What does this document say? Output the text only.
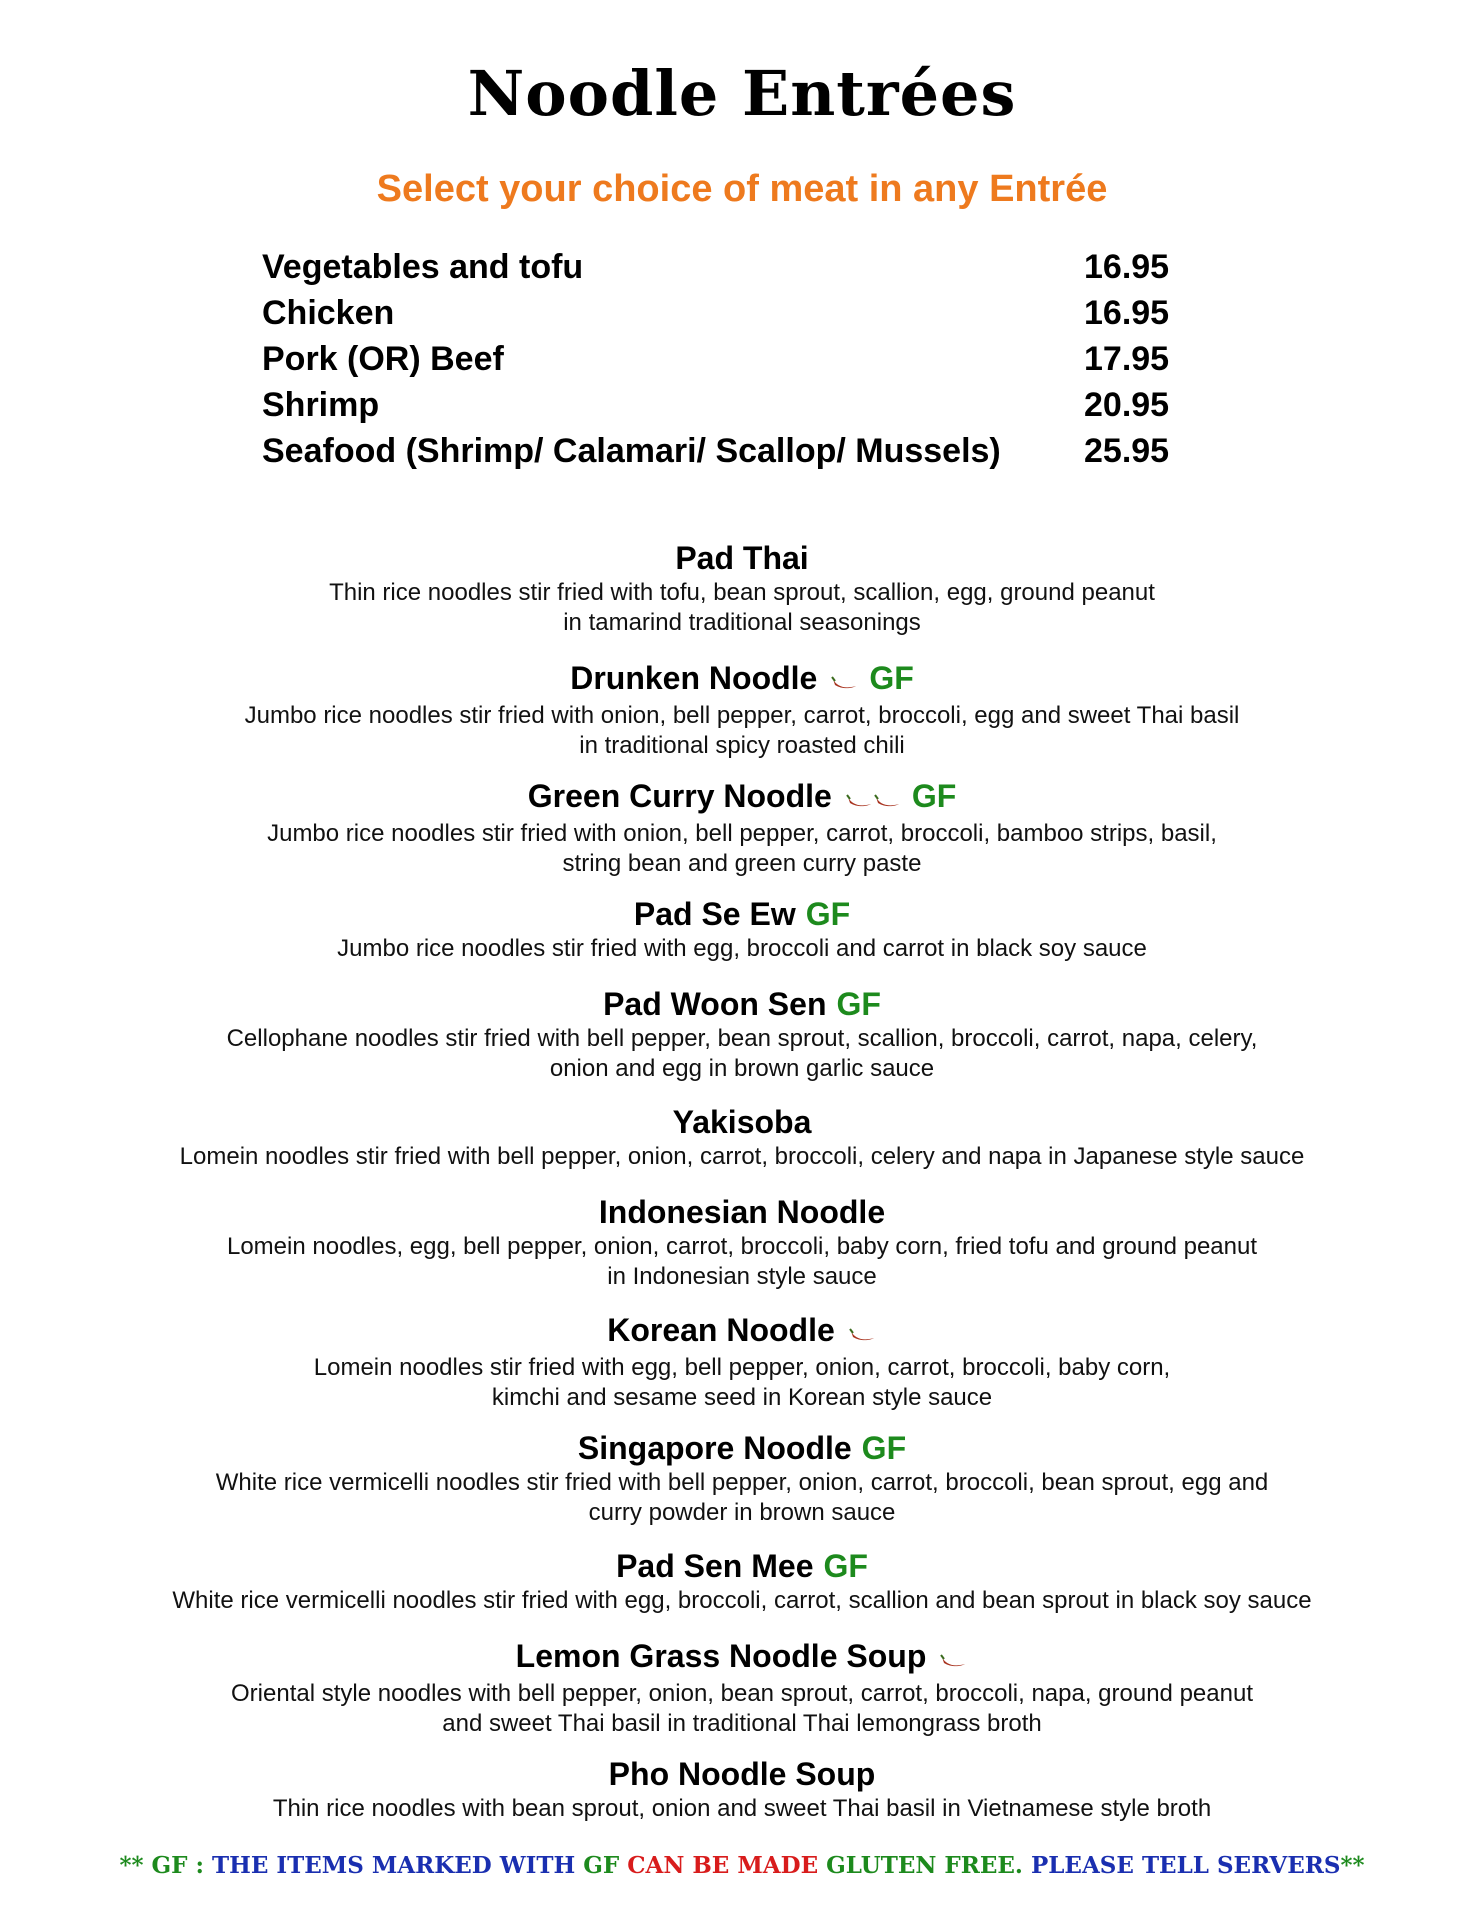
Noodle Entrées
Select your choice of meat in any Entrée
Vegetables and tofu	16.95
Chicken	16.95
Pork (OR) Beef	17.95
Shrimp	20.95
Seafood (Shrimp/ Calamari/ Scallop/ Mussels) 25.95
Pad Thai
Thin rice noodles stir fried with tofu, bean sprout, scallion, egg, ground peanut
in tamarind traditional seasonings
Drunken Noodle GF
Jumbo rice noodles stir fried with onion, bell pepper, carrot, broccoli, egg and sweet Thai basil
in traditional spicy roasted chili
Green Curry Noodle	GF
Jumbo rice noodles stir fried with onion, bell pepper, carrot, broccoli, bamboo strips, basil,
string bean and green curry paste
Pad Se Ew GF
Jumbo rice noodles stir fried with egg, broccoli and carrot in black soy sauce
Pad Woon Sen GF
Cellophane noodles stir fried with bell pepper, bean sprout, scallion, broccoli, carrot, napa, celery,
onion and egg in brown garlic sauce
Yakisoba
Lomein noodles stir fried with bell pepper, onion, carrot, broccoli, celery and napa in Japanese style sauce
Indonesian Noodle
Lomein noodles, egg, bell pepper, onion, carrot, broccoli, baby corn, fried tofu and ground peanut
in Indonesian style sauce
Korean Noodle
Lomein noodles stir fried with egg, bell pepper, onion, carrot, broccoli, baby corn,
kimchi and sesame seed in Korean style sauce
Singapore Noodle GF
White rice vermicelli noodles stir fried with bell pepper, onion, carrot, broccoli, bean sprout, egg and
curry powder in brown sauce
Pad Sen Mee GF
White rice vermicelli noodles stir fried with egg, broccoli, carrot, scallion and bean sprout in black soy sauce
Lemon Grass Noodle Soup
Oriental style noodles with bell pepper, onion, bean sprout, carrot, broccoli, napa, ground peanut
and sweet Thai basil in traditional Thai lemongrass broth
Pho Noodle Soup
Thin rice noodles with bean sprout, onion and sweet Thai basil in Vietnamese style broth
** GF : THE ITEMS MARKED WITH GF CAN BE MADE GLUTEN FREE. PLEASE TELL SERVERS**
